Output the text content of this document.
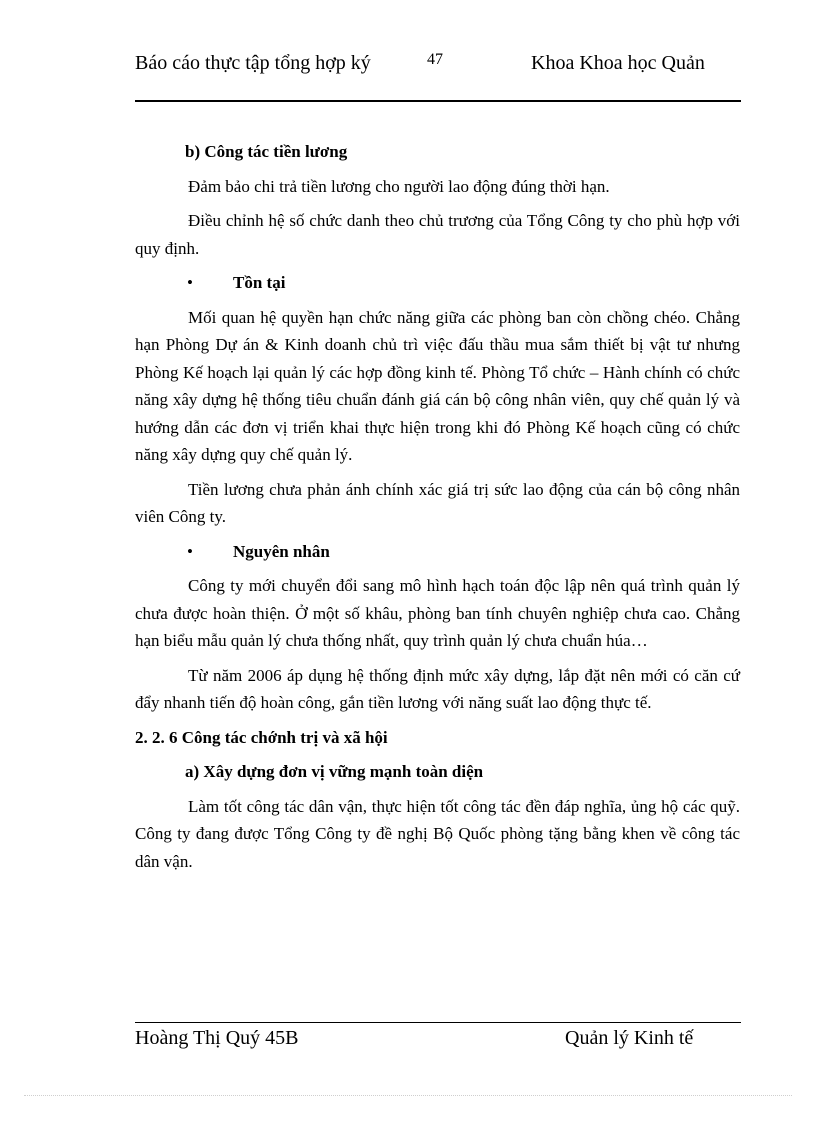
Báo cáo thực tập tổng hợp ký	47	Khoa Khoa học Quản

b) Công tác tiền lương

Đảm bảo chi trả tiền lương cho người lao động đúng thời hạn.

Điều chỉnh hệ số chức danh theo chủ trương của Tổng Công ty cho phù hợp với quy định.

• Tồn tại

Mối quan hệ quyền hạn chức năng giữa các phòng ban còn chồng chéo. Chẳng hạn Phòng Dự án & Kinh doanh chủ trì việc đấu thầu mua sắm thiết bị vật tư nhưng Phòng Kế hoạch lại quản lý các hợp đồng kinh tế. Phòng Tổ chức – Hành chính có chức năng xây dựng hệ thống tiêu chuẩn đánh giá cán bộ công nhân viên, quy chế quản lý và hướng dẫn các đơn vị triển khai thực hiện trong khi đó Phòng Kế hoạch cũng có chức năng xây dựng quy chế quản lý.

Tiền lương chưa phản ánh chính xác giá trị sức lao động của cán bộ công nhân viên Công ty.

• Nguyên nhân

Công ty mới chuyển đổi sang mô hình hạch toán độc lập nên quá trình quản lý chưa được hoàn thiện. Ở một số khâu, phòng ban tính chuyên nghiệp chưa cao. Chẳng hạn biểu mẫu quản lý chưa thống nhất, quy trình quản lý chưa chuẩn húa…

Từ năm 2006 áp dụng hệ thống định mức xây dựng, lắp đặt nên mới có căn cứ đẩy nhanh tiến độ hoàn công, gắn tiền lương với năng suất lao động thực tế.

2. 2. 6 Công tác chớnh trị và xã hội

a) Xây dựng đơn vị vững mạnh toàn diện

Làm tốt công tác dân vận, thực hiện tốt công tác đền đáp nghĩa, ủng hộ các quỹ. Công ty đang được Tổng Công ty đề nghị Bộ Quốc phòng tặng bằng khen về công tác dân vận.

Hoàng Thị Quý 45B	Quản lý Kinh tế
